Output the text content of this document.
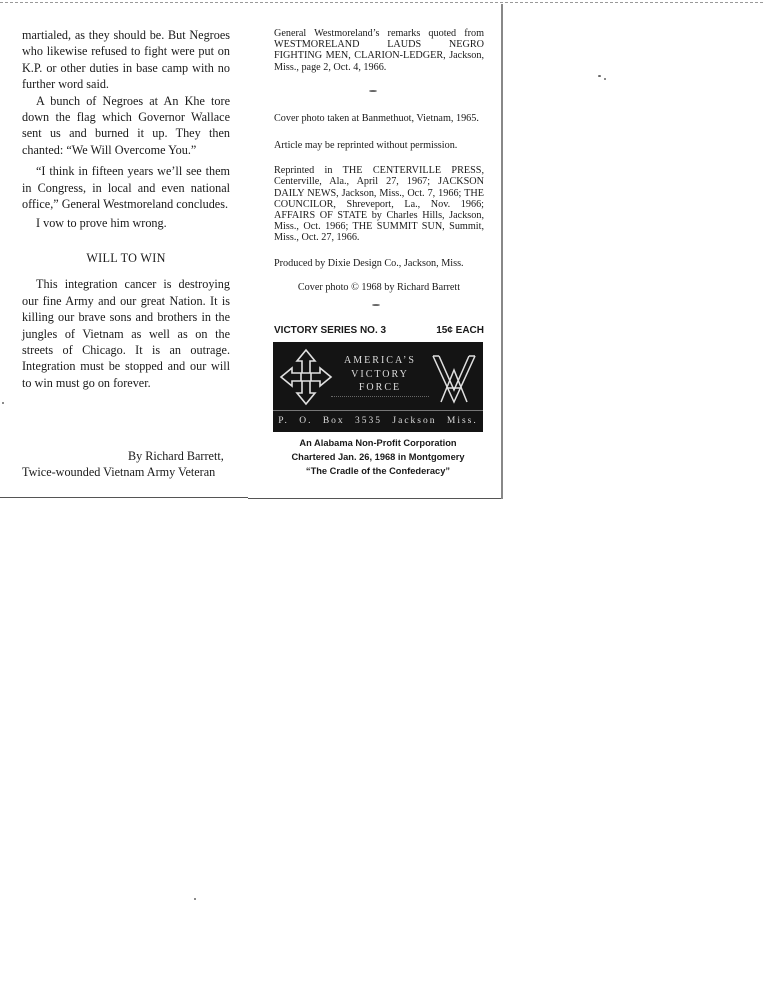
martialed, as they should be. But Negroes who likewise refused to fight were put on K.P. or other duties in base camp with no further word said.

A bunch of Negroes at An Khe tore down the flag which Governor Wallace sent us and burned it up. They then chanted: “We Will Overcome You.”

“I think in fifteen years we’ll see them in Congress, in local and even national office,” General Westmoreland concludes.

I vow to prove him wrong.

WILL TO WIN

This integration cancer is destroying our fine Army and our great Nation. It is killing our brave sons and brothers in the jungles of Vietnam as well as on the streets of Chicago. It is an outrage. Integration must be stopped and our will to win must go on forever.

By Richard Barrett,
Twice-wounded Vietnam Army Veteran

General Westmoreland’s remarks quoted from WESTMORELAND LAUDS NEGRO FIGHTING MEN, CLARION-LEDGER, Jackson, Miss., page 2, Oct. 4, 1966.

Cover photo taken at Banmethuot, Vietnam, 1965.

Article may be reprinted without permission.

Reprinted in THE CENTERVILLE PRESS, Centerville, Ala., April 27, 1967; JACKSON DAILY NEWS, Jackson, Miss., Oct. 7, 1966; THE COUNCILOR, Shreveport, La., Nov. 1966; AFFAIRS OF STATE by Charles Hills, Jackson, Miss., Oct. 1966; THE SUMMIT SUN, Summit, Miss., Oct. 27, 1966.

Produced by Dixie Design Co., Jackson, Miss.

Cover photo © 1968 by Richard Barrett

VICTORY SERIES NO. 3	15¢ EACH
AMERICA’S
VICTORY
FORCE
P. O. Box 3535 Jackson Miss.
An Alabama Non-Profit Corporation
Chartered Jan. 26, 1968 in Montgomery
“The Cradle of the Confederacy”
